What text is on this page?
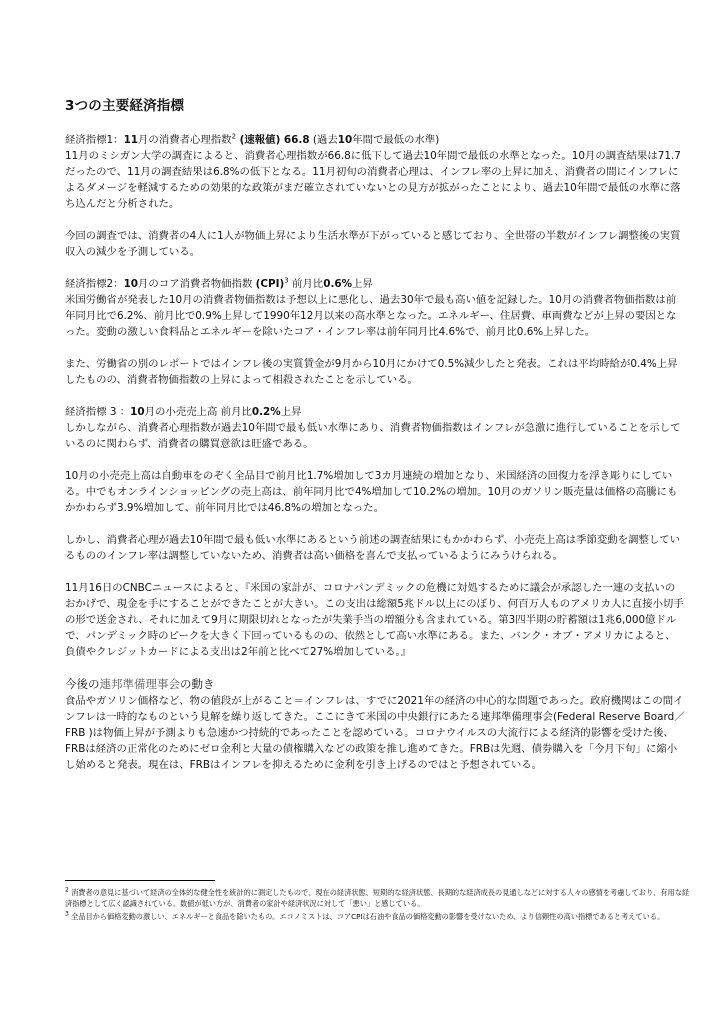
3つの主要経済指標
経済指標1：11月の消費者心理指数$^2$ (速報値) 66.8 (過去10年間で最低の水準)

11月のミシガン大学の調査によると、消費者心理指数が66.8に低下して過去10年間で最低の水準となった。10月の調査結果は71.7だったので、11月の調査結果は6.8%の低下となる。11月初旬の消費者心理は、インフレ率の上昇に加え、消費者の間にインフレによるダメージを軽減するための効果的な政策がまだ確立されていないとの見方が拡がったことにより、過去10年間で最低の水準に落ち込んだと分析された。

今回の調査では、消費者の4人に1人が物価上昇により生活水準が下がっていると感じており、全世帯の半数がインフレ調整後の実質収入の減少を予測している。

経済指標2：10月のコア消費者物価指数 (CPI)$^3$ 前月比0.6%上昇

米国労働省が発表した10月の消費者物価指数は予想以上に悪化し、過去30年で最も高い値を記録した。10月の消費者物価指数は前年同月比で6.2%、前月比で0.9%上昇して1990年12月以来の高水準となった。エネルギー、住居費、車両費などが上昇の要因となった。変動の激しい食料品とエネルギーを除いたコア・インフレ率は前年同月比4.6%で、前月比0.6%上昇した。

また、労働省の別のレポートではインフレ後の実質賃金が9月から10月にかけて0.5%減少したと発表。これは平均時給が0.4%上昇したものの、消費者物価指数の上昇によって相殺されたことを示している。

経済指標 3 ：10月の小売売上高 前月比0.2%上昇

しかしながら、消費者心理指数が過去10年間で最も低い水準にあり、消費者物価指数はインフレが急激に進行していることを示しているのに関わらず、消費者の購買意欲は旺盛である。

10月の小売売上高は自動車をのぞく全品目で前月比1.7%増加して3カ月連続の増加となり、米国経済の回復力を浮き彫りにしている。中でもオンラインショッピングの売上高は、前年同月比で4%増加して10.2%の増加。10月のガソリン販売量は価格の高騰にもかかわらず3.9%増加して、前年同月比では46.8%の増加となった。

しかし、消費者心理が過去10年間で最も低い水準にあるという前述の調査結果にもかかわらず、小売売上高は季節変動を調整しているもののインフレ率は調整していないため、消費者は高い価格を喜んで支払っているようにみうけられる。

11月16日のCNBCニュースによると、『米国の家計が、コロナパンデミックの危機に対処するために議会が承認した一連の支払いのおかげで、現金を手にすることができたことが大きい。この支出は総額5兆ドル以上にのぼり、何百万人ものアメリカ人に直接小切手の形で送金され、それに加えて9月に期限切れとなったが失業手当の増額分も含まれている。第3四半期の貯蓄額は1兆6,000億ドルで、パンデミック時のピークを大きく下回っているものの、依然として高い水準にある。また、バンク・オブ・アメリカによると、負債やクレジットカードによる支出は2年前と比べて27%増加している。』

今後の連邦準備理事会の動き

食品やガソリン価格など、物の値段が上がること＝インフレは、すでに2021年の経済の中心的な問題であった。政府機関はこの間インフレは一時的なものという見解を繰り返してきた。ここにきて米国の中央銀行にあたる連邦準備理事会(Federal Reserve Board／FRB )は物価上昇が予測よりも急速かつ持続的であったことを認めている。コロナウイルスの大流行による経済的影響を受けた後、FRBは経済の正常化のためにゼロ金利と大量の債権購入などの政策を推し進めてきた。FRBは先週、債券購入を「今月下旬」に縮小し始めると発表。現在は、FRBはインフレを抑えるために金利を引き上げるのではと予想されている。

$^2$ 消費者の意見に基づいて経済の全体的な健全性を統計的に測定したもので、現在の経済状態、短期的な経済状態、長期的な経済成長の見通しなどに対する人々の感情を考慮しており、有用な経済指標として広く認識されている。数値が低い方が、消費者の家計や経済状況に対して「悪い」と感じている。

$^3$ 全品目から価格変動の激しい、エネルギーと食品を除いたもの。エコノミストは、コアCPIは石油や食品の価格変動の影響を受けないため、より信頼性の高い指標であると考えている。
